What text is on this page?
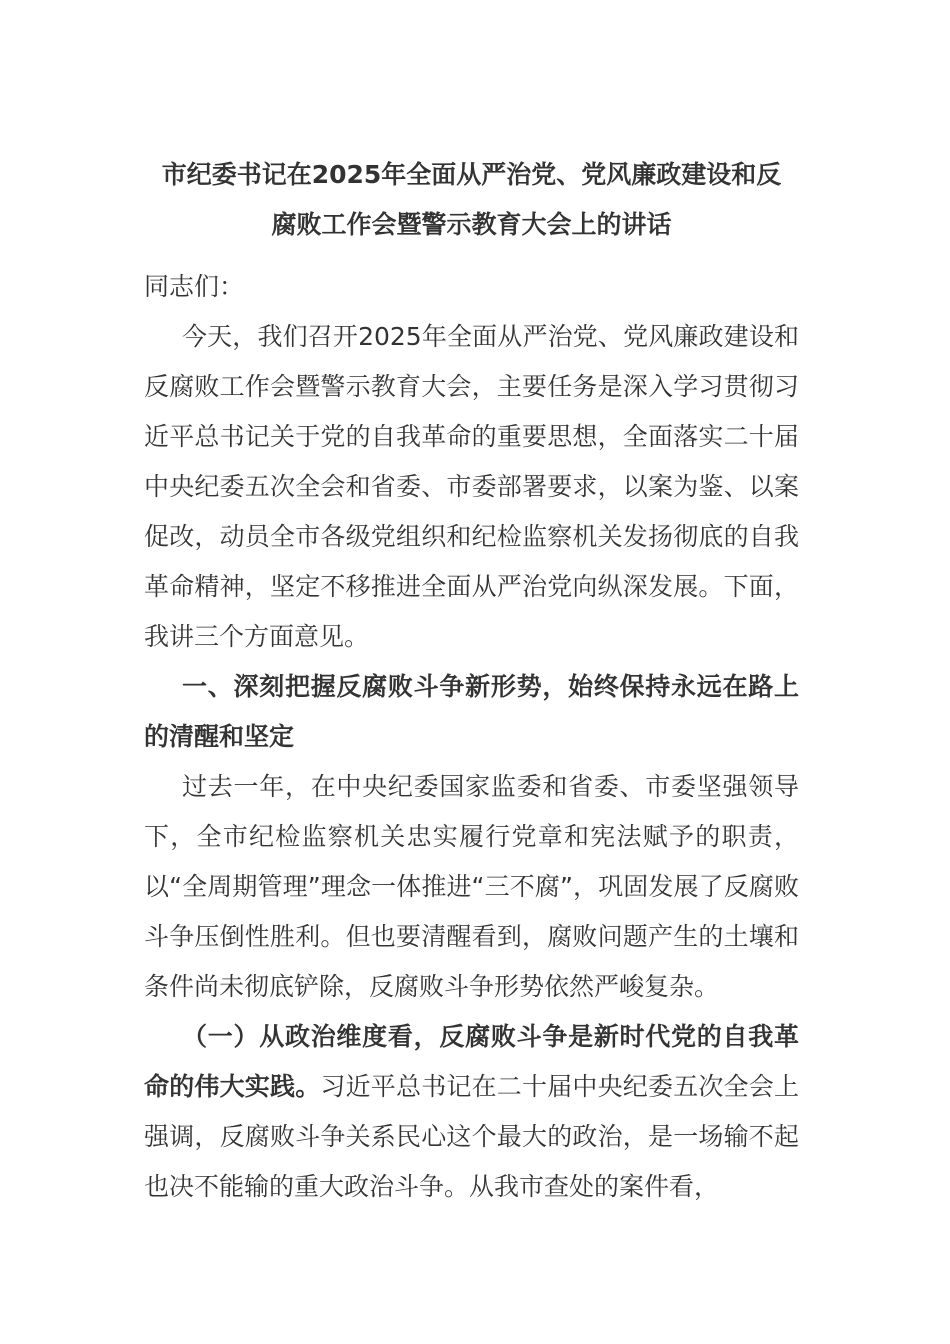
市纪委书记在2025年全面从严治党、党风廉政建设和反
腐败工作会暨警示教育大会上的讲话

同志们：

今天，我们召开2025年全面从严治党、党风廉政建设和反腐败工作会暨警示教育大会，主要任务是深入学习贯彻习近平总书记关于党的自我革命的重要思想，全面落实二十届中央纪委五次全会和省委、市委部署要求，以案为鉴、以案促改，动员全市各级党组织和纪检监察机关发扬彻底的自我革命精神，坚定不移推进全面从严治党向纵深发展。下面，我讲三个方面意见。

一、深刻把握反腐败斗争新形势，始终保持永远在路上的清醒和坚定

过去一年，在中央纪委国家监委和省委、市委坚强领导下，全市纪检监察机关忠实履行党章和宪法赋予的职责，以“全周期管理”理念一体推进“三不腐”，巩固发展了反腐败斗争压倒性胜利。但也要清醒看到，腐败问题产生的土壤和条件尚未彻底铲除，反腐败斗争形势依然严峻复杂。

（一）从政治维度看，反腐败斗争是新时代党的自我革命的伟大实践。习近平总书记在二十届中央纪委五次全会上强调，反腐败斗争关系民心这个最大的政治，是一场输不起也决不能输的重大政治斗争。从我市查处的案件看，
